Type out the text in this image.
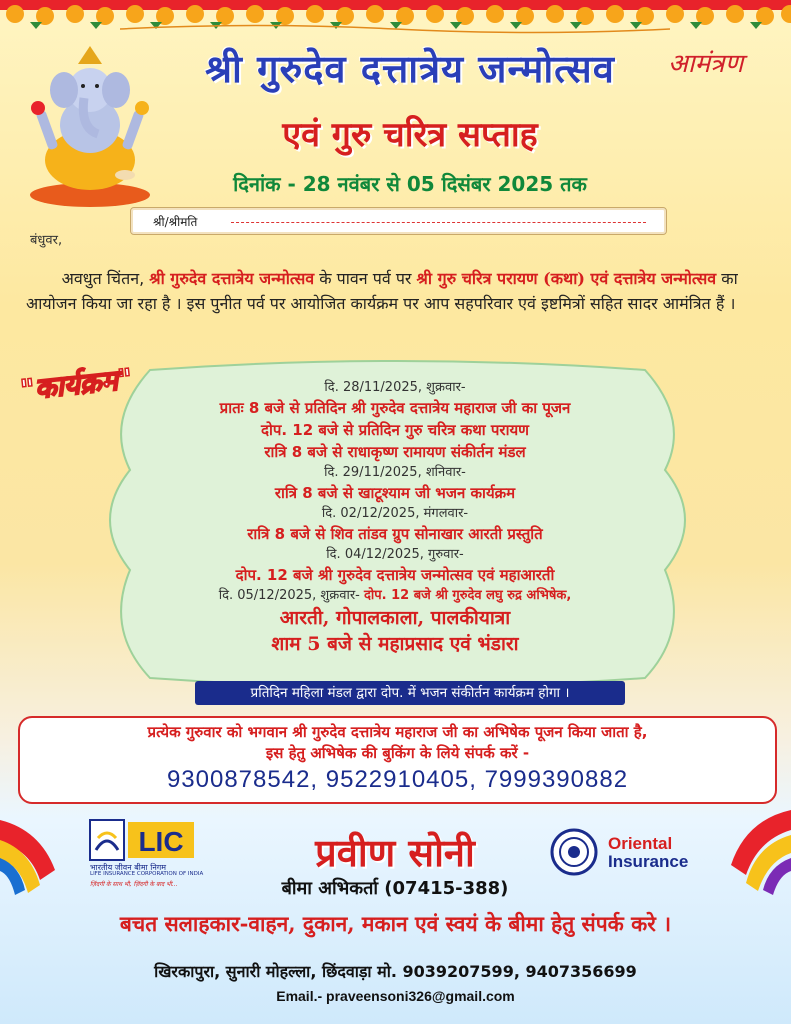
श्री गुरुदेव दत्तात्रेय जन्मोत्सव	आमंत्रण
एवं गुरु चरित्र सप्ताह
दिनांक - 28 नवंबर से 05 दिसंबर 2025 तक
श्री/श्रीमति
बंधुवर,
अवधुत चिंतन, श्री गुरुदेव दत्तात्रेय जन्मोत्सव के पावन पर्व पर श्री गुरु चरित्र परायण (कथा) एवं दत्तात्रेय जन्मोत्सव का आयोजन किया जा रहा है । इस पुनीत पर्व पर आयोजित कार्यक्रम पर आप सहपरिवार एवं इष्टमित्रों सहित सादर आमंत्रित हैं ।
"कार्यक्रम"	दि. 28/11/2025, शुक्रवार-
प्रातः 8 बजे से प्रतिदिन श्री गुरुदेव दत्तात्रेय महाराज जी का पूजन
दोप. 12 बजे से प्रतिदिन गुरु चरित्र कथा परायण
रात्रि 8 बजे से राधाकृष्ण रामायण संकीर्तन मंडल
दि. 29/11/2025, शनिवार-
रात्रि 8 बजे से खाटूश्याम जी भजन कार्यक्रम
दि. 02/12/2025, मंगलवार-
रात्रि 8 बजे से शिव तांडव ग्रुप सोनाखार आरती प्रस्तुति
दि. 04/12/2025, गुरुवार-
दोप. 12 बजे श्री गुरुदेव दत्तात्रेय जन्मोत्सव एवं महाआरती
दि. 05/12/2025, शुक्रवार- दोप. 12 बजे श्री गुरुदेव लघु रुद्र अभिषेक,
आरती, गोपालकाला, पालकीयात्रा
शाम 5 बजे से महाप्रसाद एवं भंडारा
प्रतिदिन महिला मंडल द्वारा दोप. में भजन संकीर्तन कार्यक्रम होगा ।
प्रत्येक गुरुवार को भगवान श्री गुरुदेव दत्तात्रेय महाराज जी का अभिषेक पूजन किया जाता है,
इस हेतु अभिषेक की बुकिंग के लिये संपर्क करें -
9300878542, 9522910405, 7999390882
LIC
भारतीय जीवन बीमा निगम
LIFE INSURANCE CORPORATION OF INDIA
ज़िंदगी के साथ भी, ज़िंदगी के बाद भी...
प्रवीण सोनी
बीमा अभिकर्ता (07415-388)
Oriental
Insurance
बचत सलाहकार-वाहन, दुकान, मकान एवं स्वयं के बीमा हेतु संपर्क करे ।
खिरकापुरा, सुनारी मोहल्ला, छिंदवाड़ा मो. 9039207599, 9407356699
Email.- praveensoni326@gmail.com
